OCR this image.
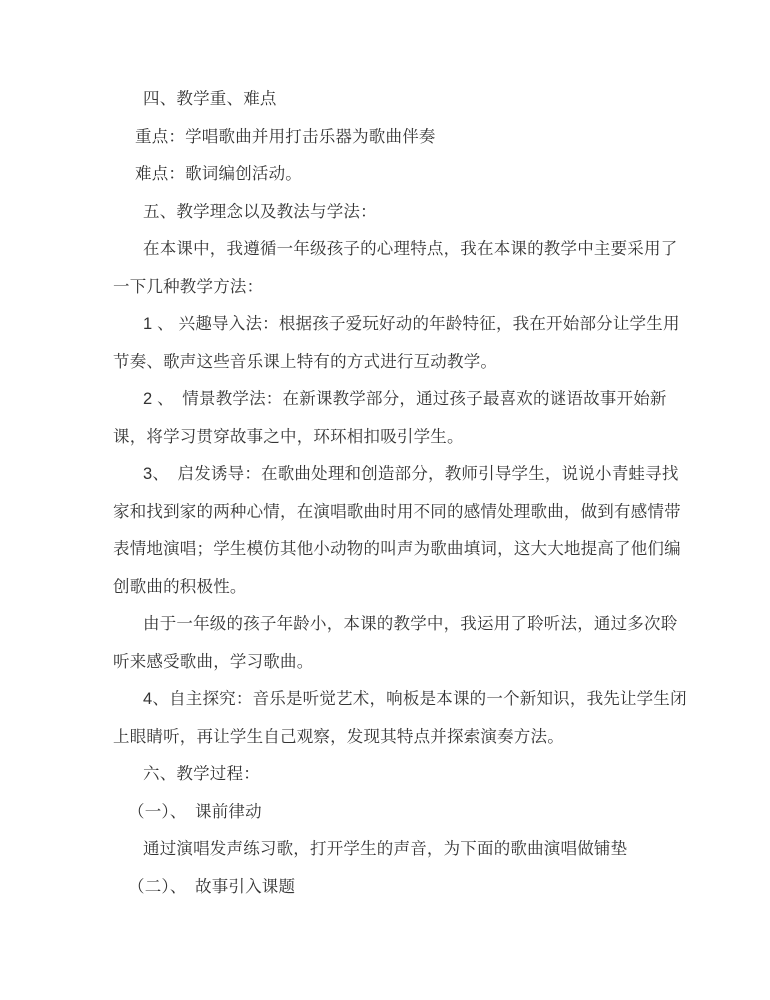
四、教学重、难点
重点：学唱歌曲并用打击乐器为歌曲伴奏
难点：歌词编创活动。
五、教学理念以及教法与学法：
在本课中，我遵循一年级孩子的心理特点，我在本课的教学中主要采用了
一下几种教学方法：
1 、 兴趣导入法：根据孩子爱玩好动的年龄特征，我在开始部分让学生用
节奏、歌声这些音乐课上特有的方式进行互动教学。
2 、　情景教学法：在新课教学部分，通过孩子最喜欢的谜语故事开始新
课，将学习贯穿故事之中，环环相扣吸引学生。
3、　启发诱导：在歌曲处理和创造部分，教师引导学生，说说小青蛙寻找
家和找到家的两种心情，在演唱歌曲时用不同的感情处理歌曲，做到有感情带
表情地演唱；学生模仿其他小动物的叫声为歌曲填词，这大大地提高了他们编
创歌曲的积极性。
由于一年级的孩子年龄小，本课的教学中，我运用了聆听法，通过多次聆
听来感受歌曲，学习歌曲。
4、自主探究：音乐是听觉艺术，响板是本课的一个新知识，我先让学生闭
上眼睛听，再让学生自己观察，发现其特点并探索演奏方法。
六、教学过程：
（一）、　课前律动
通过演唱发声练习歌，打开学生的声音，为下面的歌曲演唱做铺垫
（二）、　故事引入课题
